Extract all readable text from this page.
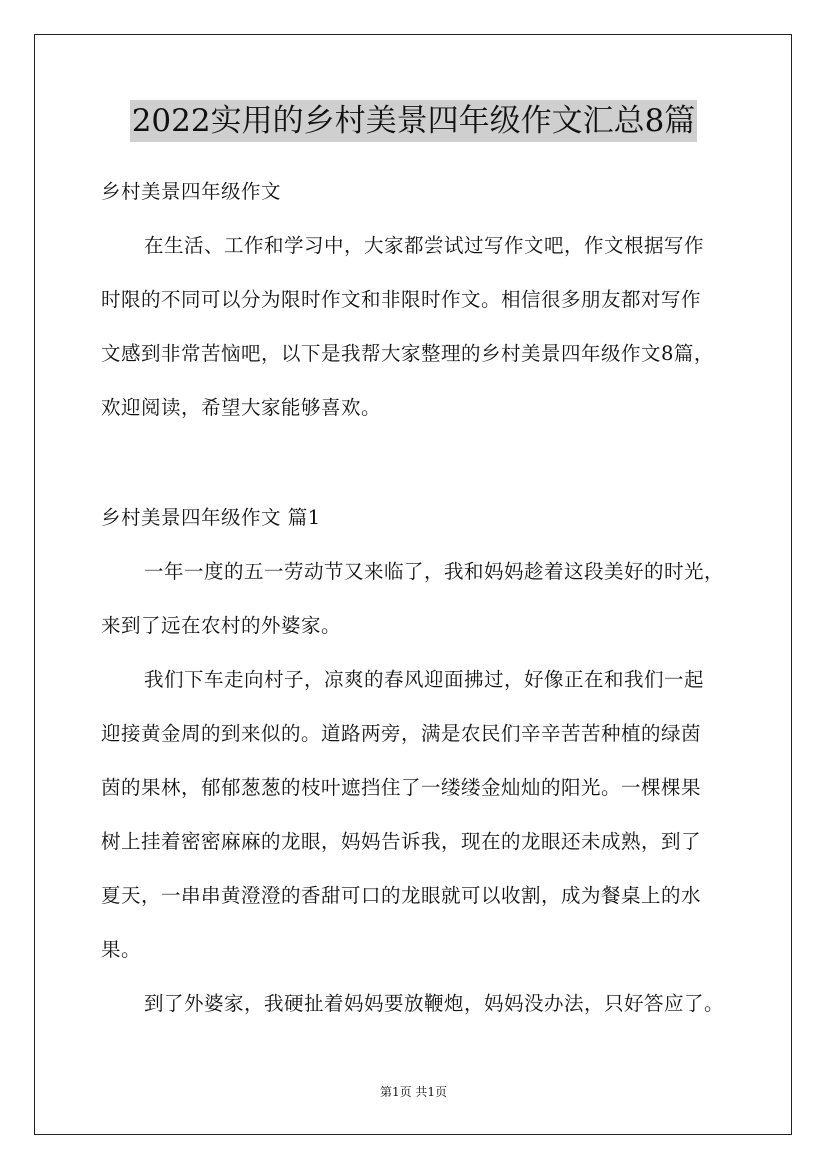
2022实用的乡村美景四年级作文汇总8篇
乡村美景四年级作文
在生活、工作和学习中，大家都尝试过写作文吧，作文根据写作
时限的不同可以分为限时作文和非限时作文。相信很多朋友都对写作
文感到非常苦恼吧，以下是我帮大家整理的乡村美景四年级作文8篇，
欢迎阅读，希望大家能够喜欢。
乡村美景四年级作文 篇1
一年一度的五一劳动节又来临了，我和妈妈趁着这段美好的时光，
来到了远在农村的外婆家。
我们下车走向村子，凉爽的春风迎面拂过，好像正在和我们一起
迎接黄金周的到来似的。道路两旁，满是农民们辛辛苦苦种植的绿茵
茵的果林，郁郁葱葱的枝叶遮挡住了一缕缕金灿灿的阳光。一棵棵果
树上挂着密密麻麻的龙眼，妈妈告诉我，现在的龙眼还未成熟，到了
夏天，一串串黄澄澄的香甜可口的龙眼就可以收割，成为餐桌上的水
果。
到了外婆家，我硬扯着妈妈要放鞭炮，妈妈没办法，只好答应了。
第1页 共1页
